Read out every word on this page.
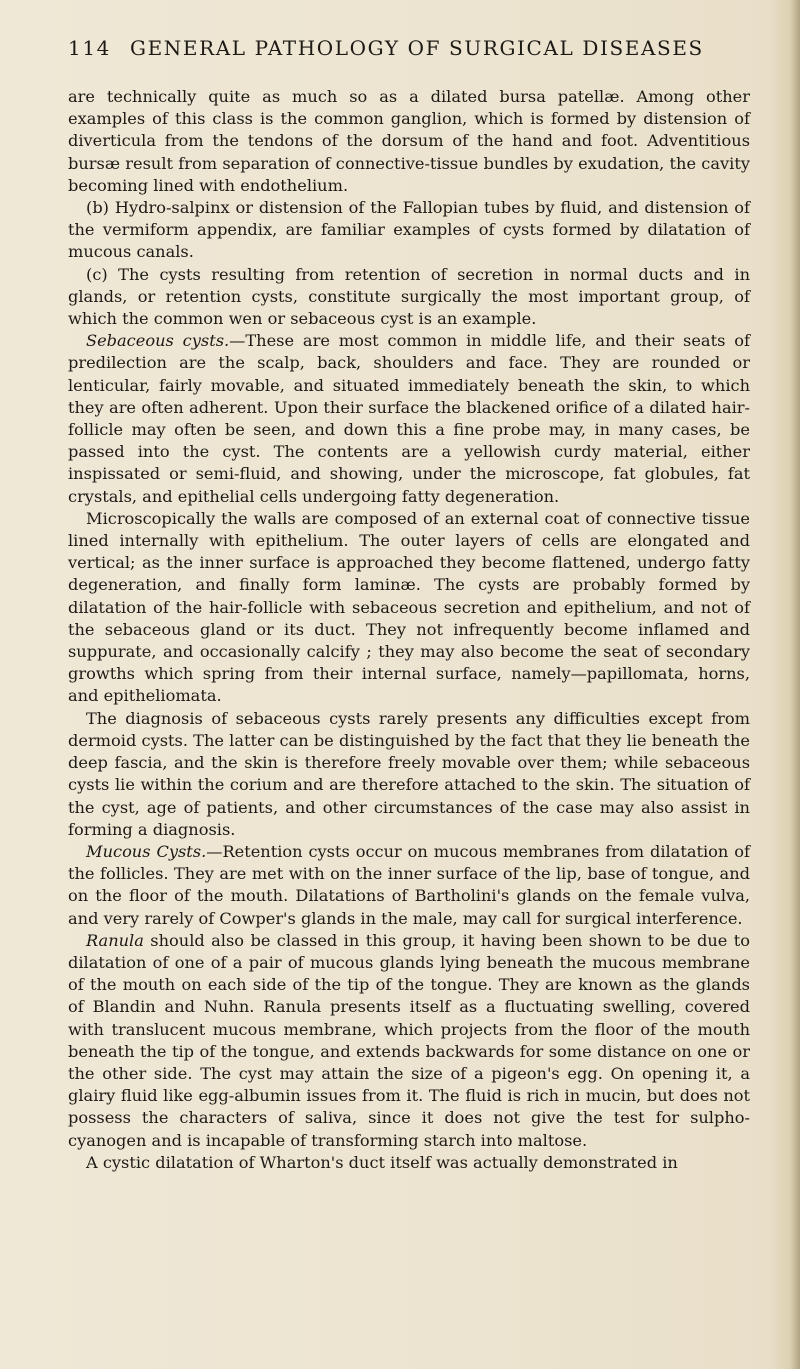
114 GENERAL PATHOLOGY OF SURGICAL DISEASES

are technically quite as much so as a dilated bursa patellæ. Among other examples of this class is the common ganglion, which is formed by distension of diverticula from the tendons of the dorsum of the hand and foot. Adventitious bursæ result from separation of connective-tissue bundles by exudation, the cavity becoming lined with endothelium.

(b) Hydro-salpinx or distension of the Fallopian tubes by fluid, and distension of the vermiform appendix, are familiar examples of cysts formed by dilatation of mucous canals.

(c) The cysts resulting from retention of secretion in normal ducts and in glands, or retention cysts, constitute surgically the most important group, of which the common wen or sebaceous cyst is an example.

Sebaceous cysts.—These are most common in middle life, and their seats of predilection are the scalp, back, shoulders and face. They are rounded or lenticular, fairly movable, and situated immediately beneath the skin, to which they are often adherent. Upon their surface the blackened orifice of a dilated hair-follicle may often be seen, and down this a fine probe may, in many cases, be passed into the cyst. The contents are a yellowish curdy material, either inspissated or semi-fluid, and showing, under the microscope, fat globules, fat crystals, and epithelial cells undergoing fatty degeneration.

Microscopically the walls are composed of an external coat of connective tissue lined internally with epithelium. The outer layers of cells are elongated and vertical; as the inner surface is approached they become flattened, undergo fatty degeneration, and finally form laminæ. The cysts are probably formed by dilatation of the hair-follicle with sebaceous secretion and epithelium, and not of the sebaceous gland or its duct. They not infrequently become inflamed and suppurate, and occasionally calcify ; they may also become the seat of secondary growths which spring from their internal surface, namely—papillomata, horns, and epitheliomata.

The diagnosis of sebaceous cysts rarely presents any difficulties except from dermoid cysts. The latter can be distinguished by the fact that they lie beneath the deep fascia, and the skin is therefore freely movable over them; while sebaceous cysts lie within the corium and are therefore attached to the skin. The situation of the cyst, age of patients, and other circumstances of the case may also assist in forming a diagnosis.

Mucous Cysts.—Retention cysts occur on mucous membranes from dilatation of the follicles. They are met with on the inner surface of the lip, base of tongue, and on the floor of the mouth. Dilatations of Bartholini's glands on the female vulva, and very rarely of Cowper's glands in the male, may call for surgical interference.

Ranula should also be classed in this group, it having been shown to be due to dilatation of one of a pair of mucous glands lying beneath the mucous membrane of the mouth on each side of the tip of the tongue. They are known as the glands of Blandin and Nuhn. Ranula presents itself as a fluctuating swelling, covered with translucent mucous membrane, which projects from the floor of the mouth beneath the tip of the tongue, and extends backwards for some distance on one or the other side. The cyst may attain the size of a pigeon's egg. On opening it, a glairy fluid like egg-albumin issues from it. The fluid is rich in mucin, but does not possess the characters of saliva, since it does not give the test for sulpho-cyanogen and is incapable of transforming starch into maltose.

A cystic dilatation of Wharton's duct itself was actually demonstrated in
